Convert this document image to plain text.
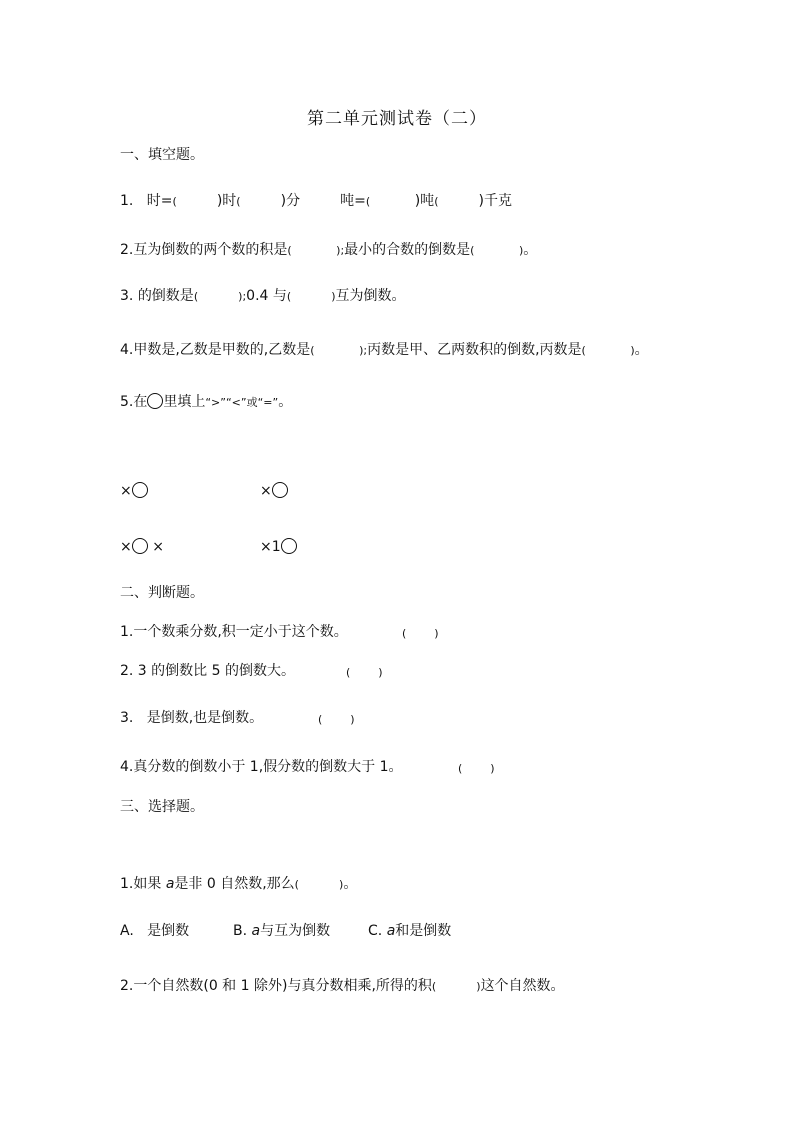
第二单元测试卷（二）
一、填空题。
1. 时=(	)时(	)分	吨=(	)吨(	)千克
2.互为倒数的两个数的积是(	);最小的合数的倒数是(	)。
3. 的倒数是(	);0.4 与(	)互为倒数。
4.甲数是,乙数是甲数的,乙数是(	);丙数是甲、乙两数积的倒数,丙数是(	)。
5.在 里填上“>”“<”或“=”。
×	×
× ×	×1
二、判断题。
1.一个数乘分数,积一定小于这个数。	(        )
2. 3 的倒数比 5 的倒数大。	(        )
3.   是倒数,也是倒数。	(        )
4.真分数的倒数小于 1,假分数的倒数大于 1。	(        )
三、选择题。
1.如果 a是非 0 自然数,那么(	)。
A.   是倒数	B. a与互为倒数	C. a和是倒数
2.一个自然数(0 和 1 除外)与真分数相乘,所得的积(	)这个自然数。
